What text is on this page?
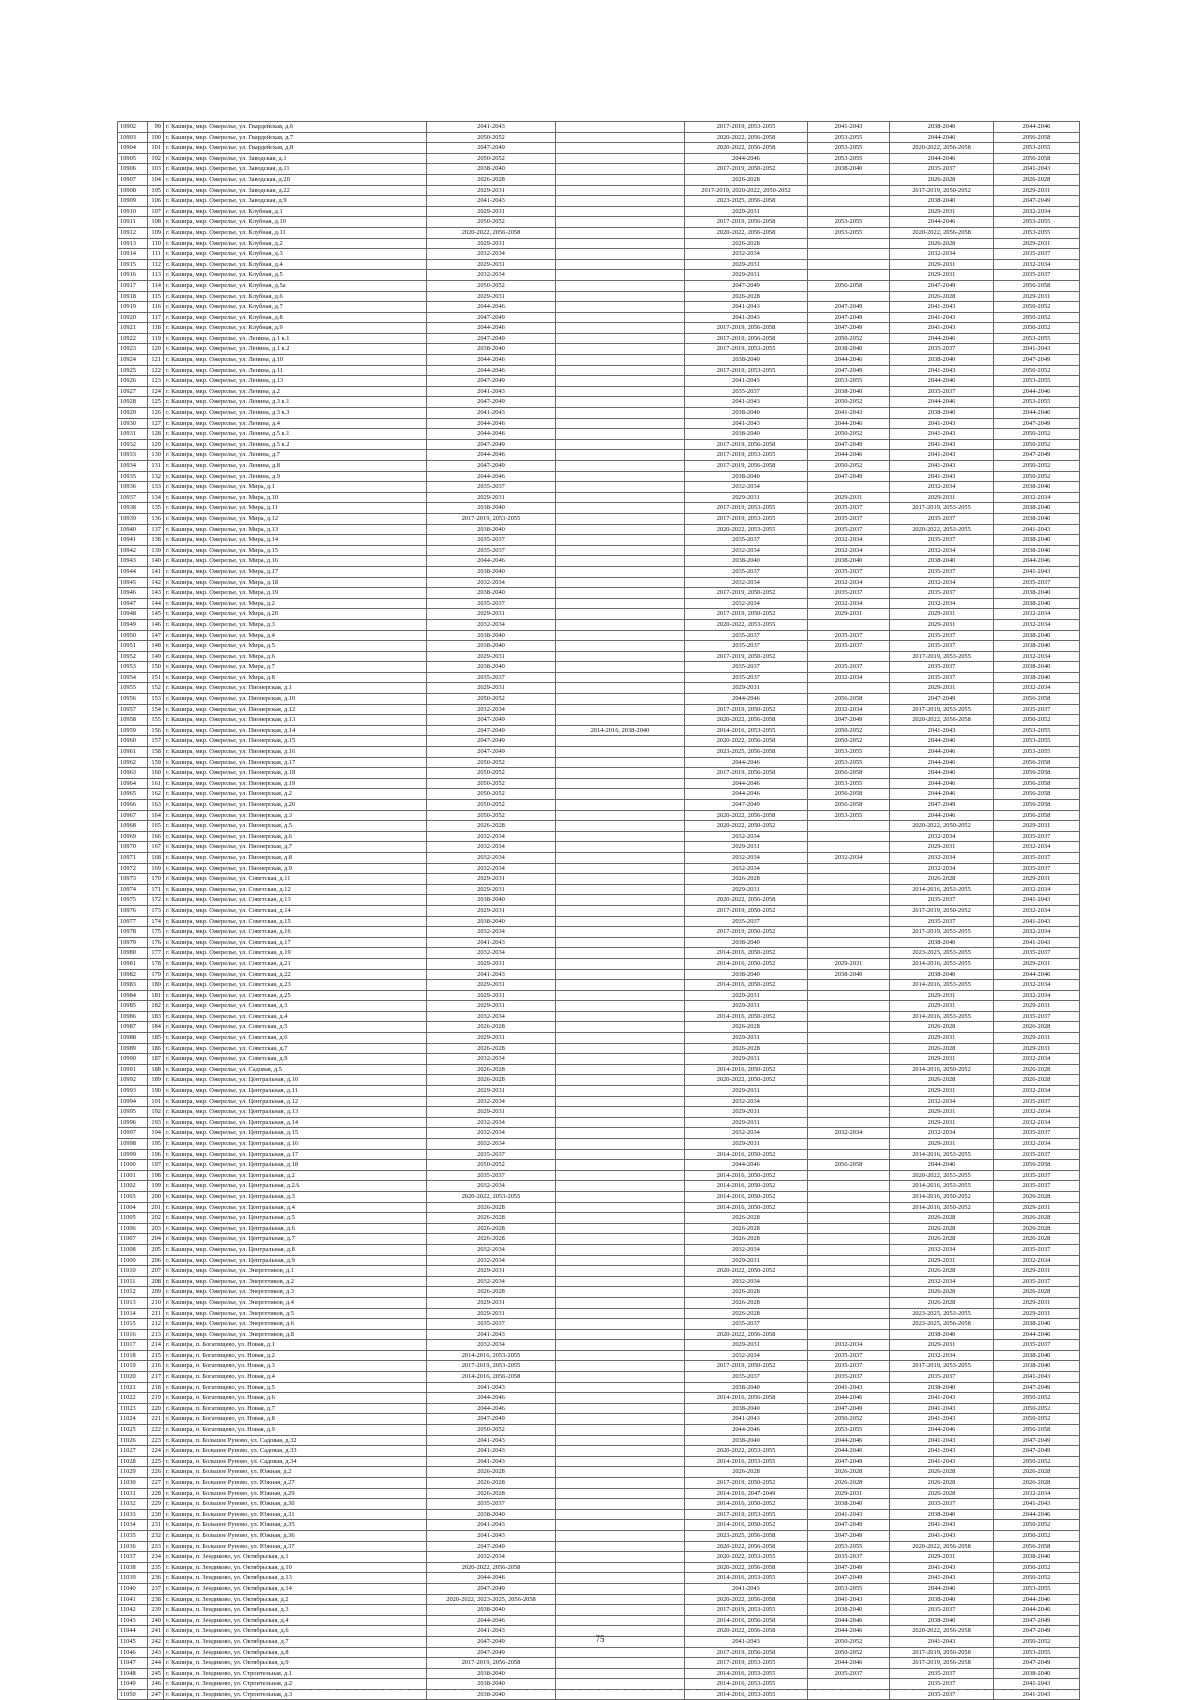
10902	99	г. Кашира, мкр. Ожерелье, ул. Гвардейская, д.6	2041-2043		2017-2019, 2053-2055	2041-2043	2038-2040	2044-2046
10903	100	г. Кашира, мкр. Ожерелье, ул. Гвардейская, д.7	2050-2052		2020-2022, 2056-2058	2053-2055	2044-2046	2056-2058
10904	101	г. Кашира, мкр. Ожерелье, ул. Гвардейская, д.8	2047-2049		2020-2022, 2056-2058	2053-2055	2020-2022, 2056-2058	2053-2055
10905	102	г. Кашира, мкр. Ожерелье, ул. Заводская, д.1	2050-2052		2044-2046	2053-2055	2044-2046	2056-2058
10906	103	г. Кашира, мкр. Ожерелье, ул. Заводская, д.11	2038-2040		2017-2019, 2050-2052	2038-2040	2035-2037	2041-2043
10907	104	г. Кашира, мкр. Ожерелье, ул. Заводская, д.20	2026-2028		2026-2028		2026-2028	2026-2028
10908	105	г. Кашира, мкр. Ожерелье, ул. Заводская, д.22	2029-2031		2017-2019, 2020-2022, 2050-2052		2017-2019, 2050-2052	2029-2031
10909	106	г. Кашира, мкр. Ожерелье, ул. Заводская, д.9	2041-2043		2023-2025, 2056-2058		2038-2040	2047-2049
10910	107	г. Кашира, мкр. Ожерелье, ул. Клубная, д.1	2029-2031		2029-2031		2029-2031	2032-2034
10911	108	г. Кашира, мкр. Ожерелье, ул. Клубная, д.10	2050-2052		2017-2019, 2056-2058	2053-2055	2044-2046	2053-2055
10912	109	г. Кашира, мкр. Ожерелье, ул. Клубная, д.11	2020-2022, 2056-2058		2020-2022, 2056-2058	2053-2055	2020-2022, 2056-2058	2053-2055
10913	110	г. Кашира, мкр. Ожерелье, ул. Клубная, д.2	2029-2031		2026-2028		2026-2028	2029-2031
10914	111	г. Кашира, мкр. Ожерелье, ул. Клубная, д.3	2032-2034		2032-2034		2032-2034	2035-2037
10915	112	г. Кашира, мкр. Ожерелье, ул. Клубная, д.4	2029-2031		2029-2031		2029-2031	2032-2034
10916	113	г. Кашира, мкр. Ожерелье, ул. Клубная, д.5	2032-2034		2029-2031		2029-2031	2035-2037
10917	114	г. Кашира, мкр. Ожерелье, ул. Клубная, д.5а	2050-2052		2047-2049	2056-2058	2047-2049	2056-2058
10918	115	г. Кашира, мкр. Ожерелье, ул. Клубная, д.6	2029-2031		2026-2028		2026-2028	2029-2031
10919	116	г. Кашира, мкр. Ожерелье, ул. Клубная, д.7	2044-2046		2041-2043	2047-2049	2041-2043	2050-2052
10920	117	г. Кашира, мкр. Ожерелье, ул. Клубная, д.8	2047-2049		2041-2043	2047-2049	2041-2043	2050-2052
10921	118	г. Кашира, мкр. Ожерелье, ул. Клубная, д.9	2044-2046		2017-2019, 2056-2058	2047-2049	2041-2043	2050-2052
10922	119	г. Кашира, мкр. Ожерелье, ул. Ленина, д.1 к.1	2047-2049		2017-2019, 2056-2058	2050-2052	2044-2046	2053-2055
10923	120	г. Кашира, мкр. Ожерелье, ул. Ленина, д.1 к.2	2038-2040		2017-2019, 2053-2055	2038-2040	2035-2037	2041-2043
10924	121	г. Кашира, мкр. Ожерелье, ул. Ленина, д.10	2044-2046		2038-2040	2044-2046	2038-2040	2047-2049
10925	122	г. Кашира, мкр. Ожерелье, ул. Ленина, д.11	2044-2046		2017-2019, 2053-2055	2047-2049	2041-2043	2050-2052
10926	123	г. Кашира, мкр. Ожерелье, ул. Ленина, д.13	2047-2049		2041-2043	2053-2055	2044-2046	2053-2055
10927	124	г. Кашира, мкр. Ожерелье, ул. Ленина, д.2	2041-2043		2035-2037	2038-2040	2035-2037	2044-2046
10928	125	г. Кашира, мкр. Ожерелье, ул. Ленина, д.3 к.1	2047-2049		2041-2043	2050-2052	2044-2046	2053-2055
10929	126	г. Кашира, мкр. Ожерелье, ул. Ленина, д.3 к.3	2041-2043		2038-2040	2041-2043	2038-2040	2044-2046
10930	127	г. Кашира, мкр. Ожерелье, ул. Ленина, д.4	2044-2046		2041-2043	2044-2046	2041-2043	2047-2049
10931	128	г. Кашира, мкр. Ожерелье, ул. Ленина, д.5 к.1	2044-2046		2038-2040	2050-2052	2041-2043	2050-2052
10932	129	г. Кашира, мкр. Ожерелье, ул. Ленина, д.5 к.2	2047-2049		2017-2019, 2056-2058	2047-2049	2041-2043	2050-2052
10933	130	г. Кашира, мкр. Ожерелье, ул. Ленина, д.7	2044-2046		2017-2019, 2053-2055	2044-2046	2041-2043	2047-2049
10934	131	г. Кашира, мкр. Ожерелье, ул. Ленина, д.8	2047-2049		2017-2019, 2056-2058	2050-2052	2041-2043	2050-2052
10935	132	г. Кашира, мкр. Ожерелье, ул. Ленина, д.9	2044-2046		2038-2040	2047-2049	2041-2043	2050-2052
10936	133	г. Кашира, мкр. Ожерелье, ул. Мира, д.1	2035-2037		2032-2034		2032-2034	2038-2040
10937	134	г. Кашира, мкр. Ожерелье, ул. Мира, д.10	2029-2031		2029-2031	2029-2031	2029-2031	2032-2034
10938	135	г. Кашира, мкр. Ожерелье, ул. Мира, д.11	2038-2040		2017-2019, 2053-2055	2035-2037	2017-2019, 2053-2055	2038-2040
10939	136	г. Кашира, мкр. Ожерелье, ул. Мира, д.12	2017-2019, 2053-2055		2017-2019, 2053-2055	2035-2037	2035-2037	2038-2040
10940	137	г. Кашира, мкр. Ожерелье, ул. Мира, д.13	2038-2040		2020-2022, 2053-2055	2035-2037	2020-2022, 2053-2055	2041-2043
10941	138	г. Кашира, мкр. Ожерелье, ул. Мира, д.14	2035-2037		2035-2037	2032-2034	2035-2037	2038-2040
10942	139	г. Кашира, мкр. Ожерелье, ул. Мира, д.15	2035-2037		2032-2034	2032-2034	2032-2034	2038-2040
10943	140	г. Кашира, мкр. Ожерелье, ул. Мира, д.16	2044-2046		2038-2040	2038-2040	2038-2040	2044-2046
10944	141	г. Кашира, мкр. Ожерелье, ул. Мира, д.17	2038-2040		2035-2037	2035-2037	2035-2037	2041-2043
10945	142	г. Кашира, мкр. Ожерелье, ул. Мира, д.18	2032-2034		2032-2034	2032-2034	2032-2034	2035-2037
10946	143	г. Кашира, мкр. Ожерелье, ул. Мира, д.19	2038-2040		2017-2019, 2050-2052	2035-2037	2035-2037	2038-2040
10947	144	г. Кашира, мкр. Ожерелье, ул. Мира, д.2	2035-2037		2032-2034	2032-2034	2032-2034	2038-2040
10948	145	г. Кашира, мкр. Ожерелье, ул. Мира, д.20	2029-2031		2017-2019, 2050-2052	2029-2031	2029-2031	2032-2034
10949	146	г. Кашира, мкр. Ожерелье, ул. Мира, д.3	2032-2034		2020-2022, 2053-2055		2029-2031	2032-2034
10950	147	г. Кашира, мкр. Ожерелье, ул. Мира, д.4	2038-2040		2035-2037	2035-2037	2035-2037	2038-2040
10951	148	г. Кашира, мкр. Ожерелье, ул. Мира, д.5	2038-2040		2035-2037	2035-2037	2035-2037	2038-2040
10952	149	г. Кашира, мкр. Ожерелье, ул. Мира, д.6	2029-2031		2017-2019, 2050-2052		2017-2019, 2053-2055	2032-2034
10953	150	г. Кашира, мкр. Ожерелье, ул. Мира, д.7	2038-2040		2035-2037	2035-2037	2035-2037	2038-2040
10954	151	г. Кашира, мкр. Ожерелье, ул. Мира, д.8	2035-2037		2035-2037	2032-2034	2035-2037	2038-2040
10955	152	г. Кашира, мкр. Ожерелье, ул. Пионерская, д.1	2029-2031		2029-2031		2029-2031	2032-2034
10956	153	г. Кашира, мкр. Ожерелье, ул. Пионерская, д.10	2050-2052		2044-2046	2056-2058	2047-2049	2056-2058
10957	154	г. Кашира, мкр. Ожерелье, ул. Пионерская, д.12	2032-2034		2017-2019, 2050-2052	2032-2034	2017-2019, 2053-2055	2035-2037
10958	155	г. Кашира, мкр. Ожерелье, ул. Пионерская, д.13	2047-2049		2020-2022, 2056-2058	2047-2049	2020-2022, 2056-2058	2050-2052
10959	156	г. Кашира, мкр. Ожерелье, ул. Пионерская, д.14	2047-2049	2014-2016, 2038-2040	2014-2016, 2053-2055	2050-2052	2041-2043	2053-2055
10960	157	г. Кашира, мкр. Ожерелье, ул. Пионерская, д.15	2047-2049		2020-2022, 2056-2058	2050-2052	2044-2046	2053-2055
10961	158	г. Кашира, мкр. Ожерелье, ул. Пионерская, д.16	2047-2049		2023-2025, 2056-2058	2053-2055	2044-2046	2053-2055
10962	159	г. Кашира, мкр. Ожерелье, ул. Пионерская, д.17	2050-2052		2044-2046	2053-2055	2044-2046	2056-2058
10963	160	г. Кашира, мкр. Ожерелье, ул. Пионерская, д.18	2050-2052		2017-2019, 2056-2058	2056-2058	2044-2046	2056-2058
10964	161	г. Кашира, мкр. Ожерелье, ул. Пионерская, д.19	2050-2052		2044-2046	2053-2055	2044-2046	2056-2058
10965	162	г. Кашира, мкр. Ожерелье, ул. Пионерская, д.2	2050-2052		2044-2046	2056-2058	2044-2046	2056-2058
10966	163	г. Кашира, мкр. Ожерелье, ул. Пионерская, д.20	2050-2052		2047-2049	2056-2058	2047-2049	2056-2058
10967	164	г. Кашира, мкр. Ожерелье, ул. Пионерская, д.3	2050-2052		2020-2022, 2056-2058	2053-2055	2044-2046	2056-2058
10968	165	г. Кашира, мкр. Ожерелье, ул. Пионерская, д.5	2026-2028		2020-2022, 2050-2052		2020-2022, 2050-2052	2029-2031
10969	166	г. Кашира, мкр. Ожерелье, ул. Пионерская, д.6	2032-2034		2032-2034		2032-2034	2035-2037
10970	167	г. Кашира, мкр. Ожерелье, ул. Пионерская, д.7	2032-2034		2029-2031		2029-2031	2032-2034
10971	168	г. Кашира, мкр. Ожерелье, ул. Пионерская, д.8	2032-2034		2032-2034	2032-2034	2032-2034	2035-2037
10972	169	г. Кашира, мкр. Ожерелье, ул. Пионерская, д.9	2032-2034		2032-2034		2032-2034	2035-2037
10973	170	г. Кашира, мкр. Ожерелье, ул. Советская, д.11	2029-2031		2026-2028		2026-2028	2029-2031
10974	171	г. Кашира, мкр. Ожерелье, ул. Советская, д.12	2029-2031		2029-2031		2014-2016, 2053-2055	2032-2034
10975	172	г. Кашира, мкр. Ожерелье, ул. Советская, д.13	2038-2040		2020-2022, 2056-2058		2035-2037	2041-2043
10976	173	г. Кашира, мкр. Ожерелье, ул. Советская, д.14	2029-2031		2017-2019, 2050-2052		2017-2019, 2050-2052	2032-2034
10977	174	г. Кашира, мкр. Ожерелье, ул. Советская, д.15	2038-2040		2035-2037		2035-2037	2041-2043
10978	175	г. Кашира, мкр. Ожерелье, ул. Советская, д.16	2032-2034		2017-2019, 2050-2052		2017-2019, 2053-2055	2032-2034
10979	176	г. Кашира, мкр. Ожерелье, ул. Советская, д.17	2041-2043		2038-2040		2038-2040	2041-2043
10980	177	г. Кашира, мкр. Ожерелье, ул. Советская, д.19	2032-2034		2014-2016, 2050-2052		2023-2025, 2053-2055	2035-2037
10981	178	г. Кашира, мкр. Ожерелье, ул. Советская, д.21	2029-2031		2014-2016, 2050-2052	2029-2031	2014-2016, 2053-2055	2029-2031
10982	179	г. Кашира, мкр. Ожерелье, ул. Советская, д.22	2041-2043		2038-2040	2038-2040	2038-2040	2044-2046
10983	180	г. Кашира, мкр. Ожерелье, ул. Советская, д.23	2029-2031		2014-2016, 2050-2052		2014-2016, 2053-2055	2032-2034
10984	181	г. Кашира, мкр. Ожерелье, ул. Советская, д.25	2029-2031		2029-2031		2029-2031	2032-2034
10985	182	г. Кашира, мкр. Ожерелье, ул. Советская, д.3	2029-2031		2029-2031		2029-2031	2029-2031
10986	183	г. Кашира, мкр. Ожерелье, ул. Советская, д.4	2032-2034		2014-2016, 2050-2052		2014-2016, 2053-2055	2035-2037
10987	184	г. Кашира, мкр. Ожерелье, ул. Советская, д.5	2026-2028		2026-2028		2026-2028	2026-2028
10988	185	г. Кашира, мкр. Ожерелье, ул. Советская, д.6	2029-2031		2029-2031		2029-2031	2029-2031
10989	186	г. Кашира, мкр. Ожерелье, ул. Советская, д.7	2026-2028		2026-2028		2026-2028	2029-2031
10990	187	г. Кашира, мкр. Ожерелье, ул. Советская, д.9	2032-2034		2029-2031		2029-2031	2032-2034
10991	188	г. Кашира, мкр. Ожерелье, ул. Садовая, д.5	2026-2028		2014-2016, 2050-2052		2014-2016, 2050-2052	2026-2028
10992	189	г. Кашира, мкр. Ожерелье, ул. Центральная, д.10	2026-2028		2020-2022, 2050-2052		2026-2028	2026-2028
10993	190	г. Кашира, мкр. Ожерелье, ул. Центральная, д.11	2029-2031		2029-2031		2029-2031	2032-2034
10994	191	г. Кашира, мкр. Ожерелье, ул. Центральная, д.12	2032-2034		2032-2034		2032-2034	2035-2037
10995	192	г. Кашира, мкр. Ожерелье, ул. Центральная, д.13	2029-2031		2029-2031		2029-2031	2032-2034
10996	193	г. Кашира, мкр. Ожерелье, ул. Центральная, д.14	2032-2034		2029-2031		2029-2031	2032-2034
10997	194	г. Кашира, мкр. Ожерелье, ул. Центральная, д.15	2032-2034		2032-2034	2032-2034	2032-2034	2035-2037
10998	195	г. Кашира, мкр. Ожерелье, ул. Центральная, д.16	2032-2034		2029-2031		2029-2031	2032-2034
10999	196	г. Кашира, мкр. Ожерелье, ул. Центральная, д.17	2035-2037		2014-2016, 2050-2052		2014-2016, 2053-2055	2035-2037
11000	197	г. Кашира, мкр. Ожерелье, ул. Центральная, д.18	2050-2052		2044-2046	2056-2058	2044-2046	2056-2058
11001	198	г. Кашира, мкр. Ожерелье, ул. Центральная, д.2	2035-2037		2014-2016, 2050-2052		2020-2022, 2053-2055	2035-2037
11002	199	г. Кашира, мкр. Ожерелье, ул. Центральная, д.2А	2032-2034		2014-2016, 2050-2052		2014-2016, 2053-2055	2035-2037
11003	200	г. Кашира, мкр. Ожерелье, ул. Центральная, д.3	2020-2022, 2053-2055		2014-2016, 2050-2052		2014-2016, 2050-2052	2026-2028
11004	201	г. Кашира, мкр. Ожерелье, ул. Центральная, д.4	2026-2028		2014-2016, 2050-2052		2014-2016, 2050-2052	2029-2031
11005	202	г. Кашира, мкр. Ожерелье, ул. Центральная, д.5	2026-2028		2026-2028		2026-2028	2026-2028
11006	203	г. Кашира, мкр. Ожерелье, ул. Центральная, д.6	2026-2028		2026-2028		2026-2028	2026-2028
11007	204	г. Кашира, мкр. Ожерелье, ул. Центральная, д.7	2026-2028		2026-2028		2026-2028	2026-2028
11008	205	г. Кашира, мкр. Ожерелье, ул. Центральная, д.8	2032-2034		2032-2034		2032-2034	2035-2037
11009	206	г. Кашира, мкр. Ожерелье, ул. Центральная, д.9	2032-2034		2029-2031		2029-2031	2032-2034
11010	207	г. Кашира, мкр. Ожерелье, ул. Энергетиков, д.1	2029-2031		2020-2022, 2050-2052		2026-2028	2029-2031
11011	208	г. Кашира, мкр. Ожерелье, ул. Энергетиков, д.2	2032-2034		2032-2034		2032-2034	2035-2037
11012	209	г. Кашира, мкр. Ожерелье, ул. Энергетиков, д.3	2026-2028		2026-2028		2026-2028	2026-2028
11013	210	г. Кашира, мкр. Ожерелье, ул. Энергетиков, д.4	2029-2031		2026-2028		2026-2028	2029-2031
11014	211	г. Кашира, мкр. Ожерелье, ул. Энергетиков, д.5	2029-2031		2026-2028		2023-2025, 2053-2055	2029-2031
11015	212	г. Кашира, мкр. Ожерелье, ул. Энергетиков, д.6	2035-2037		2035-2037		2023-2025, 2056-2058	2038-2040
11016	213	г. Кашира, мкр. Ожерелье, ул. Энергетиков, д.8	2041-2043		2020-2022, 2056-2058		2038-2040	2044-2046
11017	214	г. Кашира, п. Богатищево, ул. Новая, д.1	2032-2034		2029-2031	2032-2034	2029-2031	2035-2037
11018	215	г. Кашира, п. Богатищево, ул. Новая, д.2	2014-2016, 2053-2055		2032-2034	2035-2037	2032-2034	2038-2040
11019	216	г. Кашира, п. Богатищево, ул. Новая, д.3	2017-2019, 2053-2055		2017-2019, 2050-2052	2035-2037	2017-2019, 2053-2055	2038-2040
11020	217	г. Кашира, п. Богатищево, ул. Новая, д.4	2014-2016, 2056-2058		2035-2037	2035-2037	2035-2037	2041-2043
11021	218	г. Кашира, п. Богатищево, ул. Новая, д.5	2041-2043		2038-2040	2041-2043	2038-2040	2047-2049
11022	219	г. Кашира, п. Богатищево, ул. Новая, д.6	2044-2046		2014-2016, 2056-2058	2044-2046	2041-2043	2050-2052
11023	220	г. Кашира, п. Богатищево, ул. Новая, д.7	2044-2046		2038-2040	2047-2049	2041-2043	2050-2052
11024	221	г. Кашира, п. Богатищево, ул. Новая, д.8	2047-2049		2041-2043	2050-2052	2041-2043	2050-2052
11025	222	г. Кашира, п. Богатищево, ул. Новая, д.9	2050-2052		2044-2046	2053-2055	2044-2046	2056-2058
11026	223	г. Кашира, п. Большое Руново, ул. Садовая, д.32	2041-2043		2038-2040	2044-2046	2041-2043	2047-2049
11027	224	г. Кашира, п. Большое Руново, ул. Садовая, д.33	2041-2043		2020-2022, 2053-2055	2044-2046	2041-2043	2047-2049
11028	225	г. Кашира, п. Большое Руново, ул. Садовая, д.34	2041-2043		2014-2016, 2053-2055	2047-2049	2041-2043	2050-2052
11029	226	г. Кашира, п. Большое Руново, ул. Южная, д.2	2026-2028		2026-2028	2026-2028	2026-2028	2026-2028
11030	227	г. Кашира, п. Большое Руново, ул. Южная, д.27	2026-2028		2017-2019, 2050-2052	2026-2028	2026-2028	2026-2028
11031	228	г. Кашира, п. Большое Руново, ул. Южная, д.29	2026-2028		2014-2016, 2047-2049	2029-2031	2026-2028	2032-2034
11032	229	г. Кашира, п. Большое Руново, ул. Южная, д.30	2035-2037		2014-2016, 2050-2052	2038-2040	2035-2037	2041-2043
11033	230	г. Кашира, п. Большое Руново, ул. Южная, д.31	2038-2040		2017-2019, 2053-2055	2041-2043	2038-2040	2044-2046
11034	231	г. Кашира, п. Большое Руново, ул. Южная, д.35	2041-2043		2014-2016, 2050-2052	2047-2049	2041-2043	2050-2052
11035	232	г. Кашира, п. Большое Руново, ул. Южная, д.36	2041-2043		2023-2025, 2056-2058	2047-2049	2041-2043	2050-2052
11036	233	г. Кашира, п. Большое Руново, ул. Южная, д.37	2047-2049		2020-2022, 2056-2058	2053-2055	2020-2022, 2056-2058	2056-2058
11037	234	г. Кашира, п. Зендиково, ул. Октябрьская, д.1	2032-2034		2020-2022, 2053-2055	2035-2037	2029-2031	2038-2040
11038	235	г. Кашира, п. Зендиково, ул. Октябрьская, д.10	2020-2022, 2056-2058		2020-2022, 2056-2058	2047-2049	2041-2043	2050-2052
11039	236	г. Кашира, п. Зендиково, ул. Октябрьская, д.13	2044-2046		2014-2016, 2053-2055	2047-2049	2041-2043	2050-2052
11040	237	г. Кашира, п. Зендиково, ул. Октябрьская, д.14	2047-2049		2041-2043	2053-2055	2044-2046	2053-2055
11041	238	г. Кашира, п. Зендиково, ул. Октябрьская, д.2	2020-2022, 2023-2025, 2056-2058		2020-2022, 2056-2058	2041-2043	2038-2040	2044-2046
11042	239	г. Кашира, п. Зендиково, ул. Октябрьская, д.3	2038-2040		2017-2019, 2053-2055	2038-2040	2035-2037	2044-2046
11043	240	г. Кашира, п. Зендиково, ул. Октябрьская, д.4	2044-2046		2014-2016, 2056-2058	2044-2046	2038-2040	2047-2049
11044	241	г. Кашира, п. Зендиково, ул. Октябрьская, д.6	2041-2043		2020-2022, 2056-2058	2044-2046	2020-2022, 2056-2058	2047-2049
11045	242	г. Кашира, п. Зендиково, ул. Октябрьская, д.7	2047-2049		2041-2043	2050-2052	2041-2043	2050-2052
11046	243	г. Кашира, п. Зендиково, ул. Октябрьская, д.8	2047-2049		2017-2019, 2056-2058	2050-2052	2017-2019, 2056-2058	2053-2055
11047	244	г. Кашира, п. Зендиково, ул. Октябрьская, д.9	2017-2019, 2056-2058		2017-2019, 2053-2055	2044-2046	2017-2019, 2056-2058	2047-2049
11048	245	г. Кашира, п. Зендиково, ул. Строительная, д.1	2038-2040		2014-2016, 2053-2055	2035-2037	2035-2037	2038-2040
11049	246	г. Кашира, п. Зендиково, ул. Строительная, д.2	2038-2040		2014-2016, 2053-2055		2035-2037	2041-2043
11050	247	г. Кашира, п. Зендиково, ул. Строительная, д.3	2038-2040		2014-2016, 2053-2055		2035-2037	2041-2043
75
